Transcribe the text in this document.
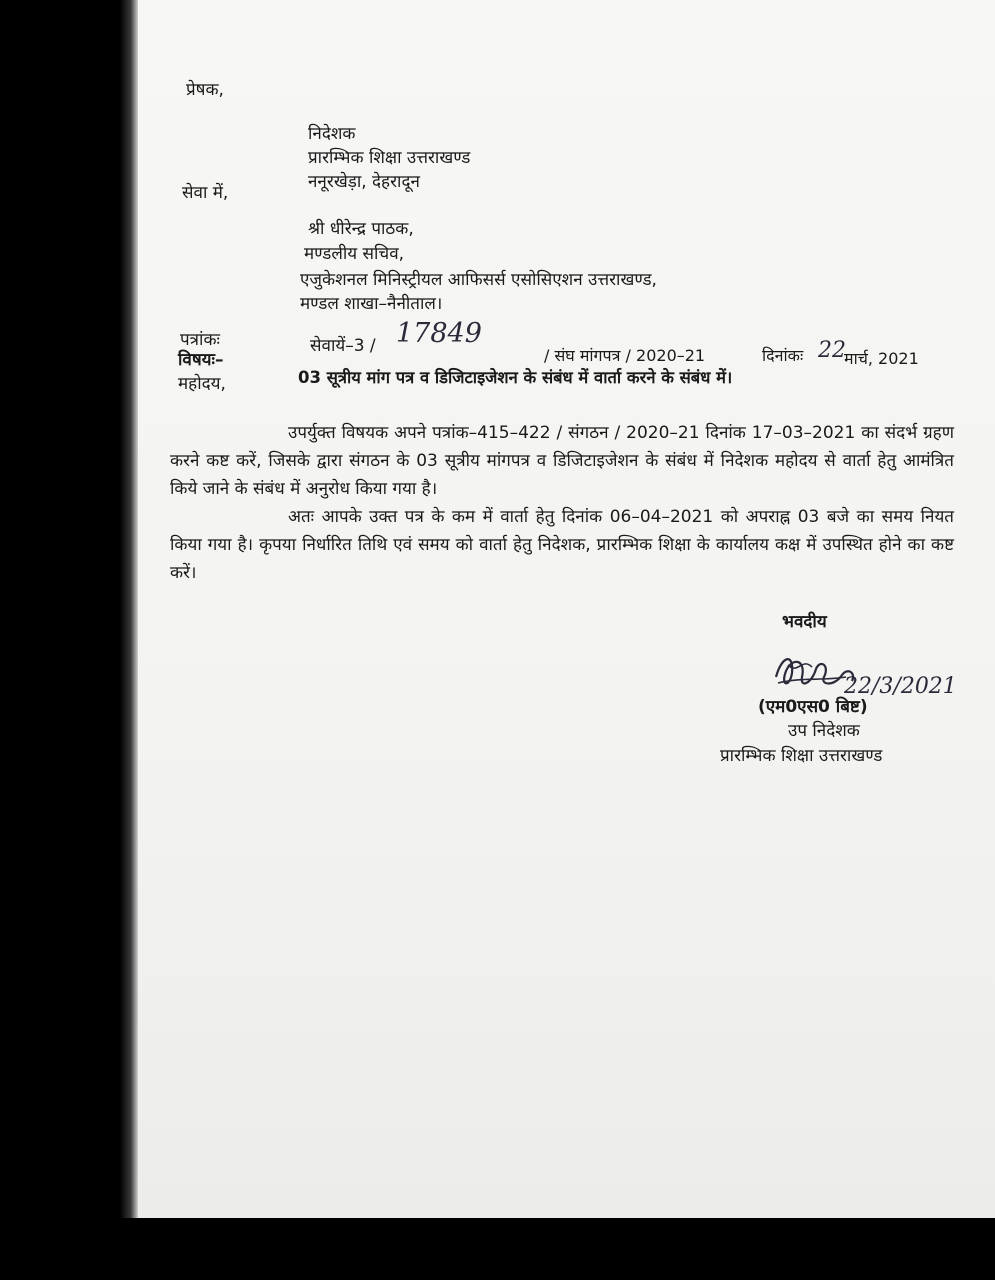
प्रेषक,
निदेशक
प्रारम्भिक शिक्षा उत्तराखण्ड
ननूरखेड़ा, देहरादून
सेवा में,
श्री धीरेन्द्र पाठक,
मण्डलीय सचिव,
एजुकेशनल मिनिस्ट्रीयल आफिसर्स एसोसिएशन उत्तराखण्ड,
मण्डल शाखा–नैनीताल।
पत्रांकः	सेवायें–3 / 17849
/ संघ मांगपत्र / 2020–21	दिनांकः 22
मार्च, 2021
विषयः–
03 सूत्रीय मांग पत्र व डिजिटाइजेशन के संबंध में वार्ता करने के संबंध में।
महोदय,

उपर्युक्त विषयक अपने पत्रांक–415–422 / संगठन / 2020–21 दिनांक 17–03–2021 का संदर्भ ग्रहण करने कष्ट करें, जिसके द्वारा संगठन के 03 सूत्रीय मांगपत्र व डिजिटाइजेशन के संबंध में निदेशक महोदय से वार्ता हेतु आमंत्रित किये जाने के संबंध में अनुरोध किया गया है।

अतः आपके उक्त पत्र के कम में वार्ता हेतु दिनांक 06–04–2021 को अपराह्न 03 बजे का समय नियत किया गया है। कृपया निर्धारित तिथि एवं समय को वार्ता हेतु निदेशक, प्रारम्भिक शिक्षा के कार्यालय कक्ष में उपस्थित होने का कष्ट करें।

भवदीय
22/3/2021
(एम0एस0 बिष्ट)
उप निदेशक
प्रारम्भिक शिक्षा उत्तराखण्ड
